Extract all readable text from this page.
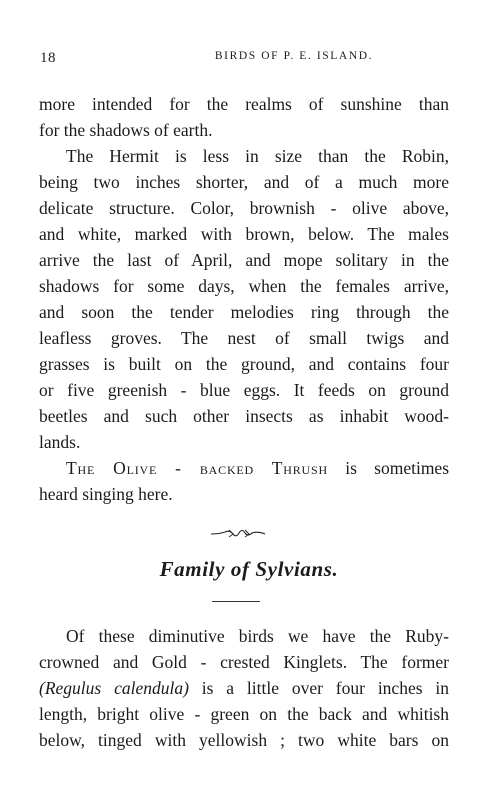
18	BIRDS OF P. E. ISLAND.
more intended for the realms of sunshine than
for the shadows of earth.
The Hermit is less in size than the Robin,
being two inches shorter, and of a much more
delicate structure. Color, brownish - olive above,
and white, marked with brown, below. The males
arrive the last of April, and mope solitary in the
shadows for some days, when the females arrive,
and soon the tender melodies ring through the
leafless groves. The nest of small twigs and
grasses is built on the ground, and contains four
or five greenish - blue eggs. It feeds on ground
beetles and such other insects as inhabit wood-
lands.
The Olive - backed Thrush is sometimes
heard singing here.
Family of Sylvians.
Of these diminutive birds we have the Ruby-
crowned and Gold - crested Kinglets. The former
(Regulus calendula) is a little over four inches in
length, bright olive - green on the back and whitish
below, tinged with yellowish ; two white bars on
